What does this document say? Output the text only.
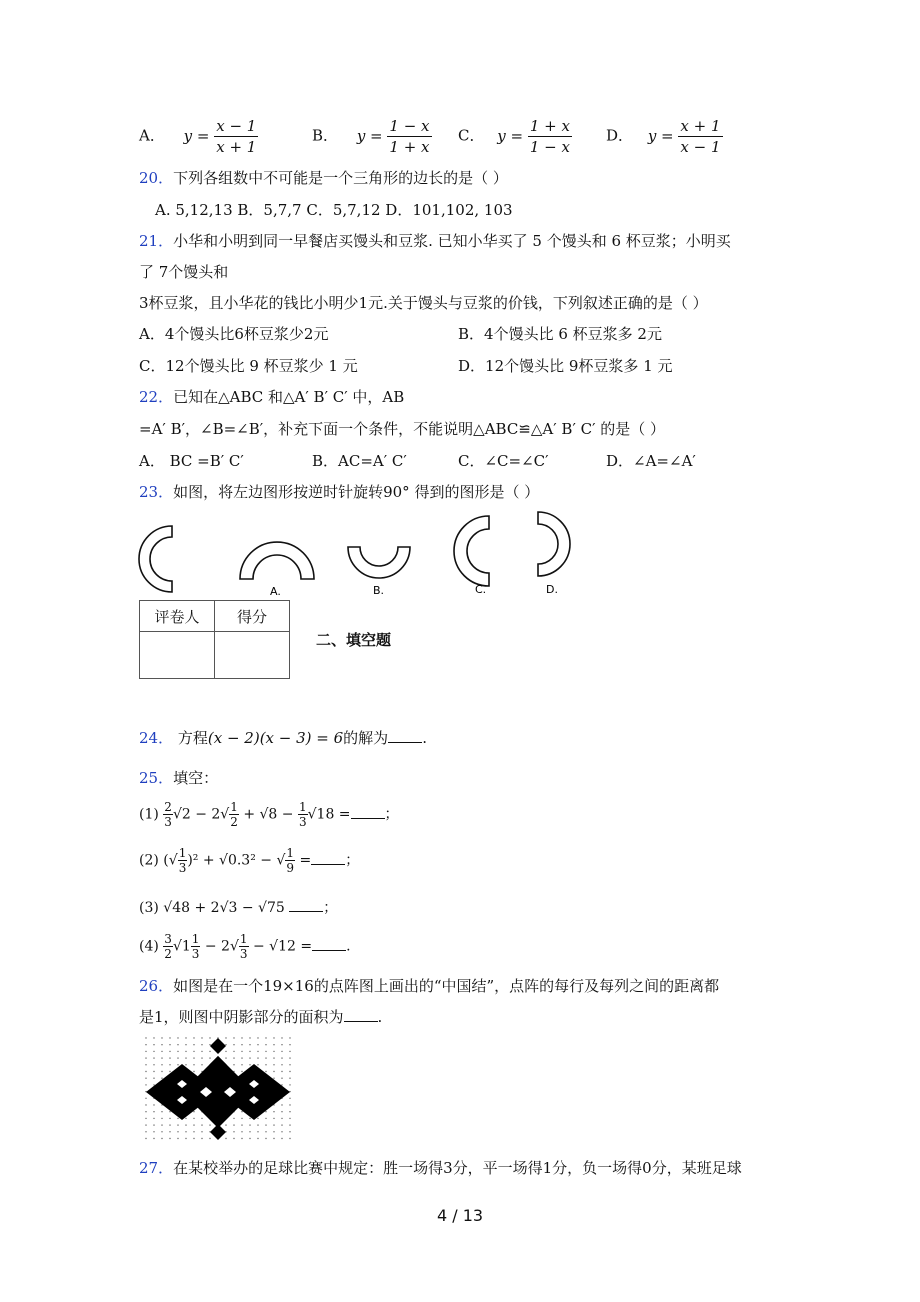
A． $y = \frac{x - 1}{x + 1}$	B． $y = \frac{1 - x}{1 + x}$ C． $y = \frac{1 + x}{1 - x}$ D． $y = \frac{x + 1}{x - 1}$
20．下列各组数中不可能是一个三角形的边长的是（ ）
A. 5,12,13 B．5,7,7 C．5,7,12 D．101,102, 103
21．小华和小明到同一早餐店买馒头和豆浆. 已知小华买了 5 个馒头和 6 杯豆浆；小明买
了 7个馒头和
3杯豆浆，且小华花的钱比小明少1元.关于馒头与豆浆的价钱，下列叙述正确的是（ ）
A．4个馒头比6杯豆浆少2元	B．4个馒头比 6 杯豆浆多 2元
C．12个馒头比 9 杯豆浆少 1 元	D．12个馒头比 9杯豆浆多 1 元
22．已知在△ABC 和△A′ B′ C′ 中，AB
=A′ B′，∠B=∠B′，补充下面一个条件，不能说明△ABC≌△A′ B′ C′ 的是（ ）
A． BC =B′ C′	B．AC=A′ C′	C．∠C=∠C′	D．∠A=∠A′
23．如图，将左边图形按逆时针旋转90° 得到的图形是（ ）
A.	B.	C.	D.
评卷人	得分

二、填空题
24． 方程(x − 2)(x − 3) = 6的解为 .
25．填空：
$(1) \frac{2}{3} √2 - 2√ \frac{1}{2} + √8 - \frac{1}{3} √18$ = ；
(2) (√ $\frac{1}{3} )^2 + √0.3^2$ − √ $\frac{1}{9}$ = ；
(3) √48 + 2√3 − √75 ；
$(4) \frac{3}{2} √1 \frac{1}{3} - 2√ \frac{1}{3} - √12$ = .
26．如图是在一个19×16的点阵图上画出的“中国结”，点阵的每行及每列之间的距离都
是1，则图中阴影部分的面积为 .
27．在某校举办的足球比赛中规定：胜一场得3分，平一场得1分，负一场得0分，某班足球
4 / 13
